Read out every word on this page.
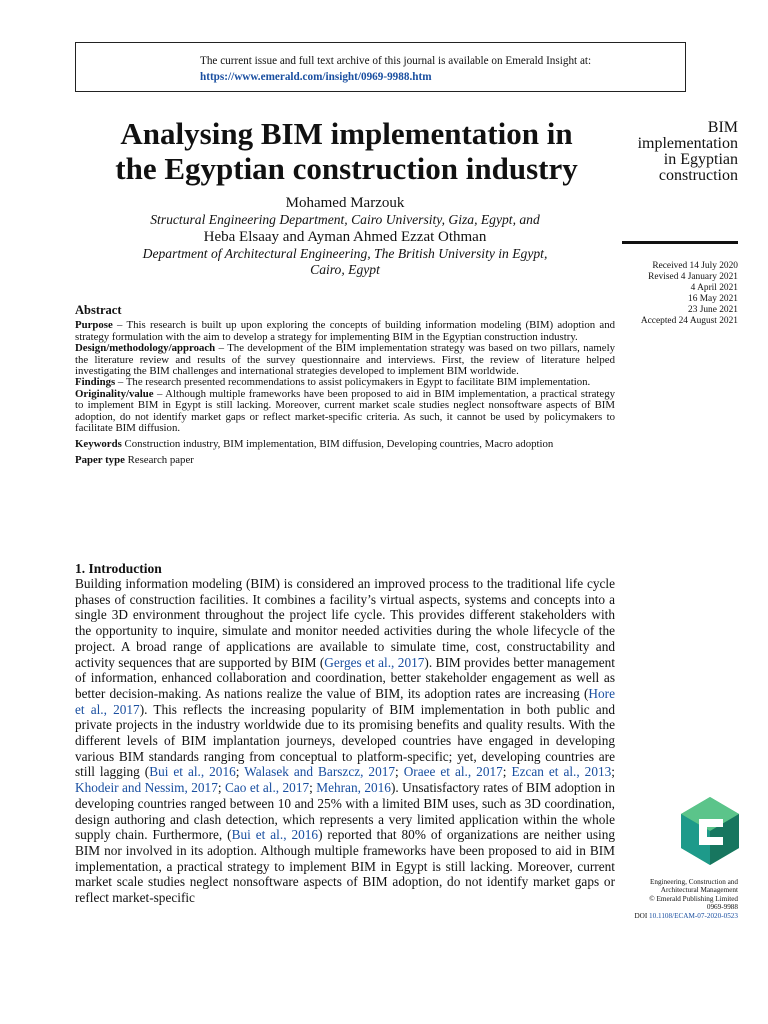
The current issue and full text archive of this journal is available on Emerald Insight at:
https://www.emerald.com/insight/0969-9988.htm
Analysing BIM implementation in
the Egyptian construction industry
Mohamed Marzouk
Structural Engineering Department, Cairo University, Giza, Egypt, and
Heba Elsaay and Ayman Ahmed Ezzat Othman
Department of Architectural Engineering, The British University in Egypt,
Cairo, Egypt
BIM
implementation
in Egyptian
construction
Received 14 July 2020
Revised 4 January 2021
4 April 2021
16 May 2021
23 June 2021
Accepted 24 August 2021
Abstract

Purpose – This research is built up upon exploring the concepts of building information modeling (BIM) adoption and strategy formulation with the aim to develop a strategy for implementing BIM in the Egyptian construction industry.

Design/methodology/approach – The development of the BIM implementation strategy was based on two pillars, namely the literature review and results of the survey questionnaire and interviews. First, the review of literature helped investigating the BIM challenges and international strategies developed to implement BIM worldwide.

Findings – The research presented recommendations to assist policymakers in Egypt to facilitate BIM implementation.

Originality/value – Although multiple frameworks have been proposed to aid in BIM implementation, a practical strategy to implement BIM in Egypt is still lacking. Moreover, current market scale studies neglect nonsoftware aspects of BIM adoption, do not identify market gaps or reflect market-specific criteria. As such, it cannot be used by policymakers to facilitate BIM diffusion.

Keywords Construction industry, BIM implementation, BIM diffusion, Developing countries, Macro adoption
Paper type Research paper
1. Introduction
Building information modeling (BIM) is considered an improved process to the traditional life cycle phases of construction facilities. It combines a facility’s virtual aspects, systems and concepts into a single 3D environment throughout the project life cycle. This provides different stakeholders with the opportunity to inquire, simulate and monitor needed activities during the whole lifecycle of the project. A broad range of applications are available to simulate time, cost, constructability and activity sequences that are supported by BIM (Gerges et al., 2017). BIM provides better management of information, enhanced collaboration and coordination, better stakeholder engagement as well as better decision-making. As nations realize the value of BIM, its adoption rates are increasing (Hore et al., 2017). This reflects the increasing popularity of BIM implementation in both public and private projects in the industry worldwide due to its promising benefits and quality results. With the different levels of BIM implantation journeys, developed countries have engaged in developing various BIM standards ranging from conceptual to platform-specific; yet, developing countries are still lagging (Bui et al., 2016; Walasek and Barszcz, 2017; Oraee et al., 2017; Ezcan et al., 2013; Khodeir and Nessim, 2017; Cao et al., 2017; Mehran, 2016). Unsatisfactory rates of BIM adoption in developing countries ranged between 10 and 25% with a limited BIM uses, such as 3D coordination, design authoring and clash detection, which represents a very limited application within the whole supply chain. Furthermore, (Bui et al., 2016) reported that 80% of organizations are neither using BIM nor involved in its adoption. Although multiple frameworks have been proposed to aid in BIM implementation, a practical strategy to implement BIM in Egypt is still lacking. Moreover, current market scale studies neglect nonsoftware aspects of BIM adoption, do not identify market gaps or reflect market-specific
Engineering, Construction and
Architectural Management
© Emerald Publishing Limited
0969-9988
DOI 10.1108/ECAM-07-2020-0523
